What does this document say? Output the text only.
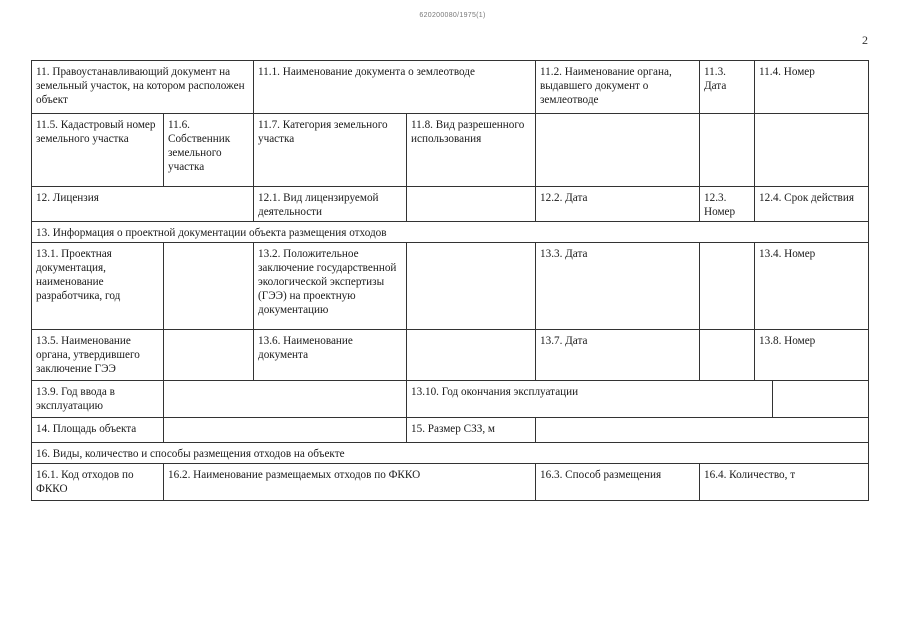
620200080/1975(1)
2

11. Правоустанавливающий документ на земельный участок, на котором расположен объект		11.1. Наименование документа о землеотводе		11.2. Наименование органа, выдавшего документ о землеотводе		11.3. Дата	11.4. Номер	
11.5. Кадастровый номер земельного участка	11.6. Собственник земельного участка	11.7. Категория земельного участка	11.8. Вид разрешенного использования					
12. Лицензия		12.1. Вид лицензируемой деятельности		12.2. Дата		12.3. Номер	12.4. Срок действия	
13. Информация о проектной документации объекта размещения отходов								
13.1. Проектная документация, наименование разработчика, год		13.2. Положительное заключение государственной экологической экспертизы (ГЭЭ) на проектную документацию		13.3. Дата			13.4. Номер	
13.5. Наименование органа, утвердившего заключение ГЭЭ		13.6. Наименование документа		13.7. Дата			13.8. Номер	
13.9. Год ввода в эксплуатацию			13.10. Год окончания эксплуатации					
14. Площадь объекта			15. Размер СЗЗ, м					
16. Виды, количество и способы размещения отходов на объекте								
16.1. Код отходов по ФККО	16.2. Наименование размещаемых отходов по ФККО			16.3. Способ размещения		16.4. Количество, т		
